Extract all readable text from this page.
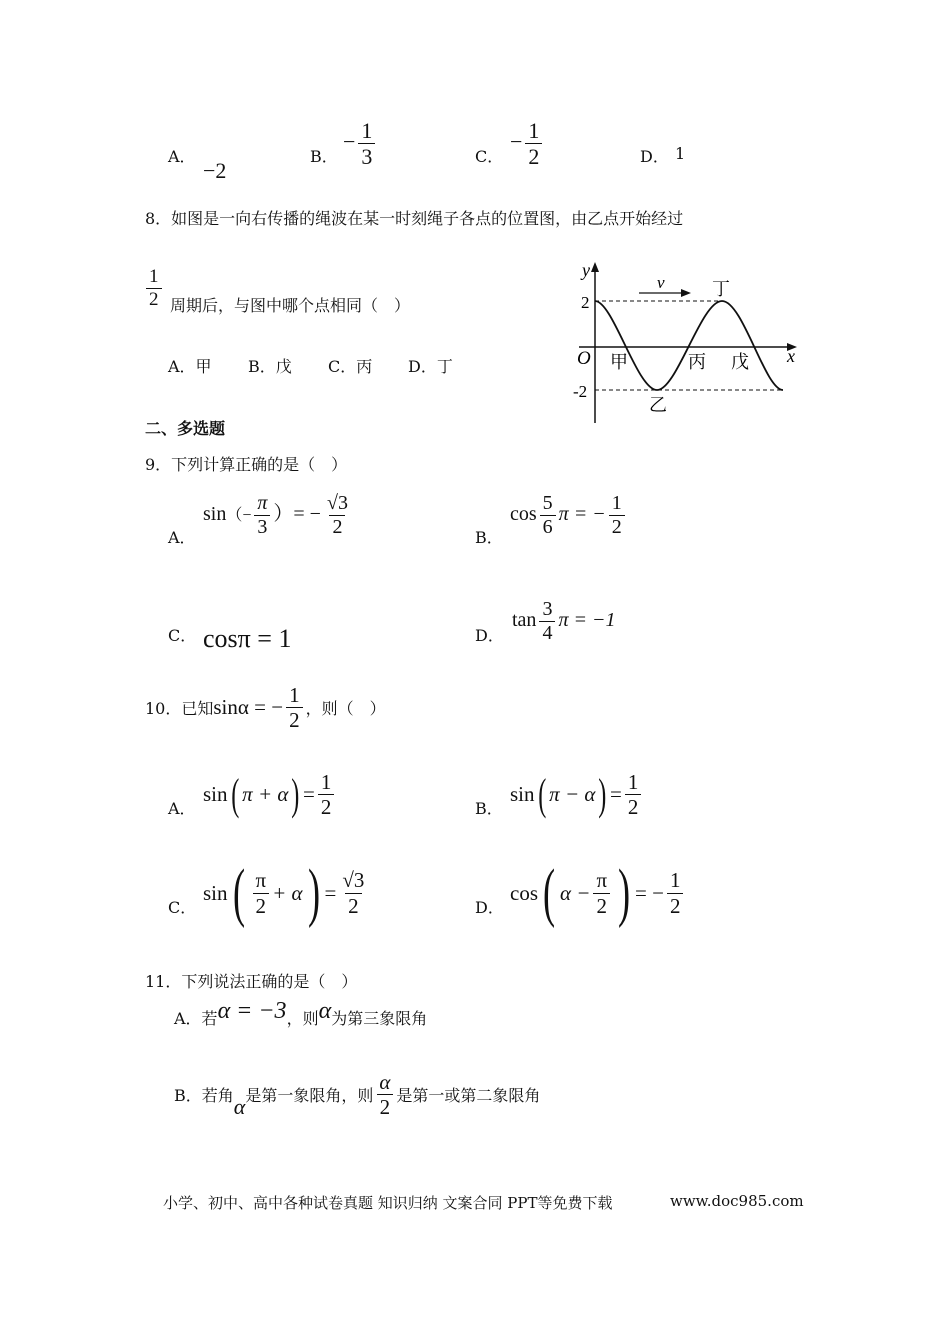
A．
−2
B．
− $\frac{1}{3}$	C．
− $\frac{1}{2}$	D． 1
8．如图是一向右传播的绳波在某一时刻绳子各点的位置图，由乙点开始经过
$\frac{1}{2}$ 周期后，与图中哪个点相同（　）
A．甲 B．戊 C．丙 D．丁
y
x
O
v
2
-2
甲
乙
丙
丁
戊
二、多选题
9．下列计算正确的是（　）
A．
$\sin(- \frac{\pi}{3}$ ）= − $\frac{√3}{2}$	B．
$\cos \frac{5}{6}$ π = − $\frac{1}{2}$
C． cosπ = 1	D．
$\tan \frac{3}{4}$ π = −1
10．已知 sinα = − $\frac{1}{2}$ ，则（　）
A．
sin ( π + α ) = $\frac{1}{2}$	B．
sin ( π − α ) = $\frac{1}{2}$
C．
sin ( $\frac{\pi}{2} + \alpha$ ) = $\frac{√3}{2}$	D．
cos ( $\alpha - \frac{\pi}{2}$ ) = − $\frac{1}{2}$
11．下列说法正确的是（　）
A．若 α = −3 ，则 α 为第三象限角
B．若角 α 是第一象限角，则 $\frac{\alpha}{2}$ 是第一或第二象限角
小学、初中、高中各种试卷真题 知识归纳 文案合同 PPT等免费下载	www.doc985.com
